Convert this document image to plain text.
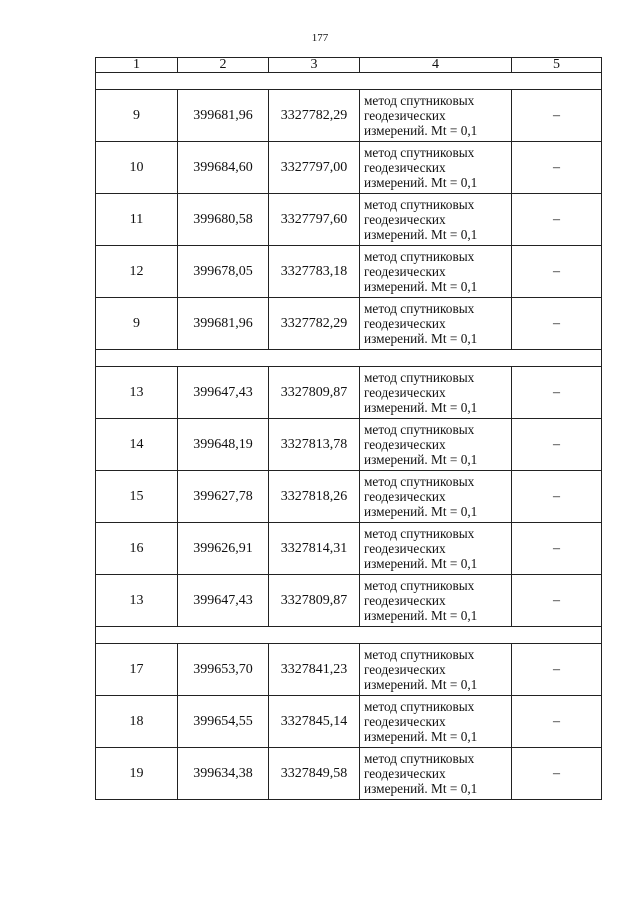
177
1	2	3	4	5

9	399681,96	3327782,29	метод спутниковых
геодезических
измерений. Mt = 0,1	–
10	399684,60	3327797,00	метод спутниковых
геодезических
измерений. Mt = 0,1	–
11	399680,58	3327797,60	метод спутниковых
геодезических
измерений. Mt = 0,1	–
12	399678,05	3327783,18	метод спутниковых
геодезических
измерений. Mt = 0,1	–
9	399681,96	3327782,29	метод спутниковых
геодезических
измерений. Mt = 0,1	–

13	399647,43	3327809,87	метод спутниковых
геодезических
измерений. Mt = 0,1	–
14	399648,19	3327813,78	метод спутниковых
геодезических
измерений. Mt = 0,1	–
15	399627,78	3327818,26	метод спутниковых
геодезических
измерений. Mt = 0,1	–
16	399626,91	3327814,31	метод спутниковых
геодезических
измерений. Mt = 0,1	–
13	399647,43	3327809,87	метод спутниковых
геодезических
измерений. Mt = 0,1	–

17	399653,70	3327841,23	метод спутниковых
геодезических
измерений. Mt = 0,1	–
18	399654,55	3327845,14	метод спутниковых
геодезических
измерений. Mt = 0,1	–
19	399634,38	3327849,58	метод спутниковых
геодезических
измерений. Mt = 0,1	–
